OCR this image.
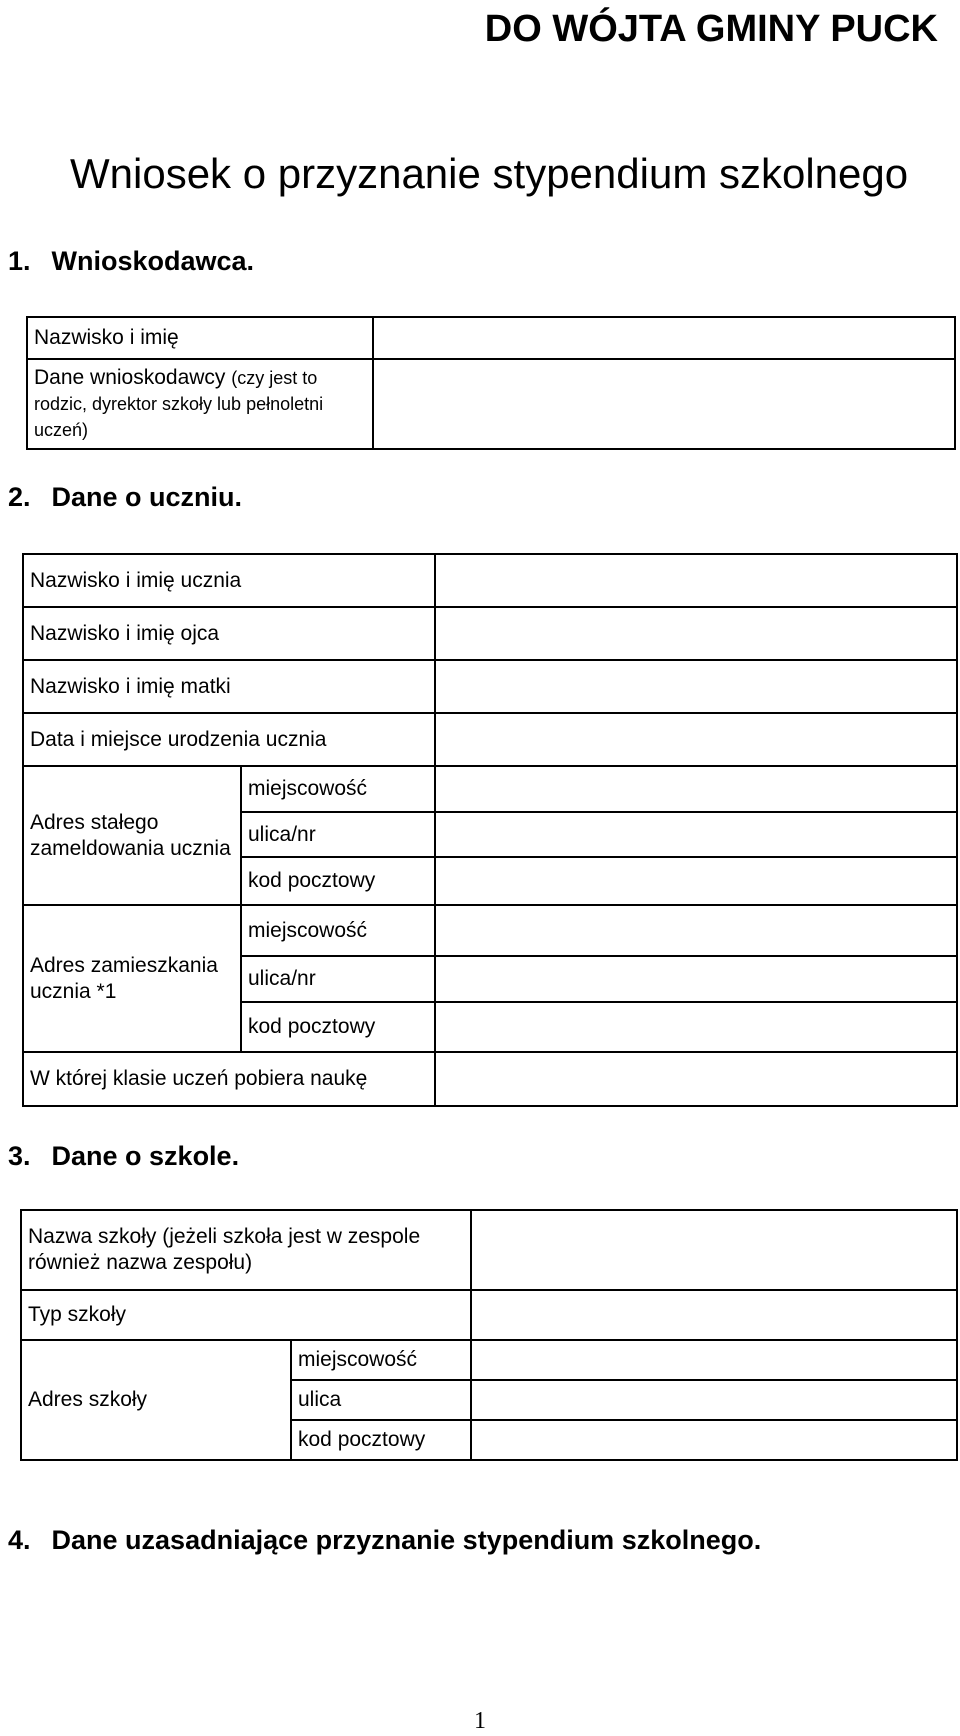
DO WÓJTA GMINY PUCK
Wniosek o przyznanie stypendium szkolnego
1. Wnioskodawca.
Nazwisko i imię	
Dane wnioskodawcy (czy jest to rodzic, dyrektor szkoły lub pełnoletni uczeń)	
2. Dane o uczniu.
Nazwisko i imię ucznia		
Nazwisko i imię ojca		
Nazwisko i imię matki		
Data i miejsce urodzenia ucznia		
Adres stałego zameldowania ucznia	miejscowość	
	ulica/nr	
	kod pocztowy	
Adres zamieszkania ucznia *1	miejscowość	
	ulica/nr	
	kod pocztowy	
W której klasie uczeń pobiera naukę		
3. Dane o szkole.
Nazwa szkoły (jeżeli szkoła jest w zespole również nazwa zespołu)		
Typ szkoły		
Adres szkoły	miejscowość	
	ulica	
	kod pocztowy	
4. Dane uzasadniające przyznanie stypendium szkolnego.
1
